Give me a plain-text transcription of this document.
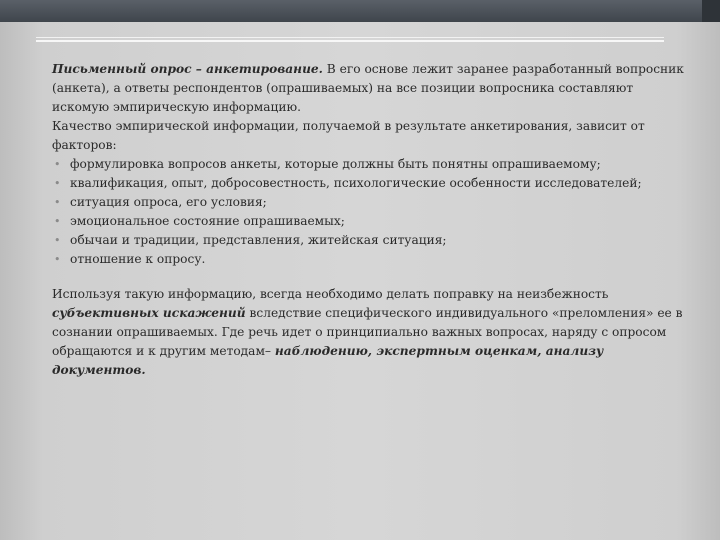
Письменный опрос – анкетирование. В его основе лежит заранее разработанный вопросник (анкета), а ответы респондентов (опрашиваемых) на все позиции вопросника составляют искомую эмпирическую информацию.

Качество эмпирической информации, получаемой в результате анкетирования, зависит от факторов:

• формулировка вопросов анкеты, которые должны быть понятны опрашиваемому;
• квалификация, опыт, добросовестность, психологические особенности исследователей;
• ситуация опроса, его условия;
• эмоциональное состояние опрашиваемых;
• обычаи и традиции, представления, житейская ситуация;
• отношение к опросу.

Используя такую информацию, всегда необходимо делать поправку на неизбежность субъективных искажений вследствие специфического индивидуального «преломления» ее в сознании опрашиваемых. Где речь идет о принципиально важных вопросах, наряду с опросом обращаются и к другим методам– наблюдению, экспертным оценкам, анализу документов.
